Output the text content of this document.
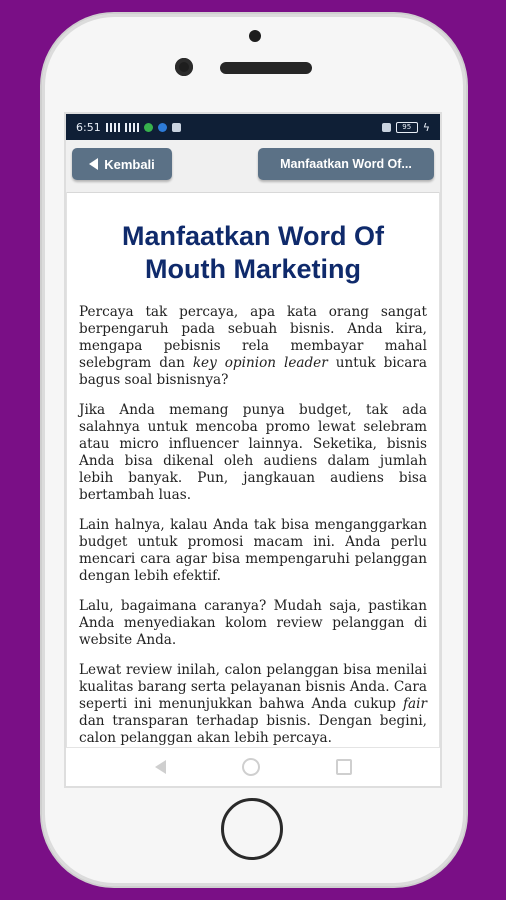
6:51	95	ϟ
Kembali	Manfaatkan Word Of...
Manfaatkan Word Of Mouth Marketing

Percaya tak percaya, apa kata orang sangat berpengaruh pada sebuah bisnis. Anda kira, mengapa pebisnis rela membayar mahal selebgram dan key opinion leader untuk bicara bagus soal bisnisnya?

Jika Anda memang punya budget, tak ada salahnya untuk mencoba promo lewat selebram atau micro influencer lainnya. Seketika, bisnis Anda bisa dikenal oleh audiens dalam jumlah lebih banyak. Pun, jangkauan audiens bisa bertambah luas.

Lain halnya, kalau Anda tak bisa menganggarkan budget untuk promosi macam ini. Anda perlu mencari cara agar bisa mempengaruhi pelanggan dengan lebih efektif.

Lalu, bagaimana caranya? Mudah saja, pastikan Anda menyediakan kolom review pelanggan di website Anda.

Lewat review inilah, calon pelanggan bisa menilai kualitas barang serta pelayanan bisnis Anda. Cara seperti ini menunjukkan bahwa Anda cukup fair dan transparan terhadap bisnis. Dengan begini, calon pelanggan akan lebih percaya.
